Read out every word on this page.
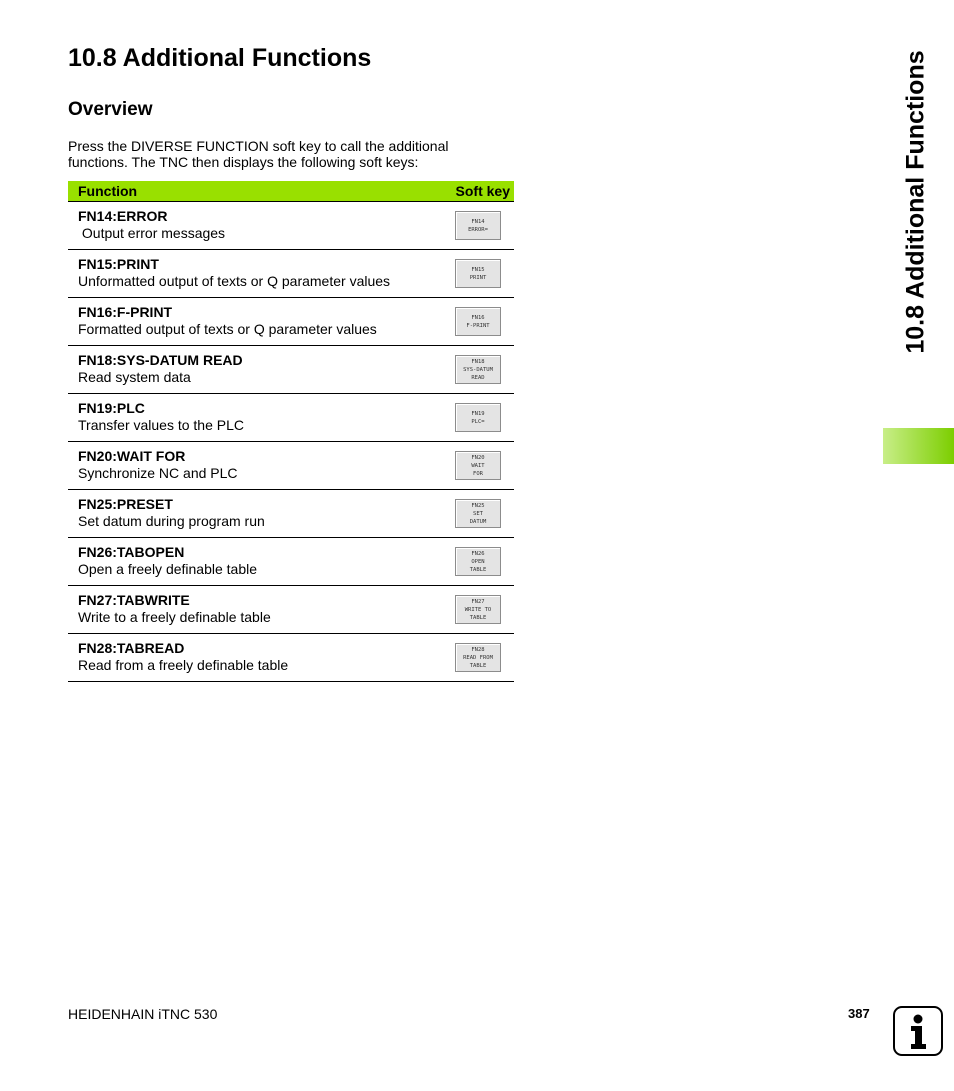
10.8 Additional Functions
Overview

Press the DIVERSE FUNCTION soft key to call the additional functions. The TNC then displays the following soft keys:

Function	Soft key
FN14:ERROR
Output error messages
FN14
ERROR=
FN15:PRINT
Unformatted output of texts or Q parameter values
FN15
PRINT
FN16:F-PRINT
Formatted output of texts or Q parameter values
FN16
F-PRINT
FN18:SYS-DATUM READ
Read system data
FN18
SYS-DATUM
READ
FN19:PLC
Transfer values to the PLC
FN19
PLC=
FN20:WAIT FOR
Synchronize NC and PLC
FN20
WAIT
FOR
FN25:PRESET
Set datum during program run
FN25
SET
DATUM
FN26:TABOPEN
Open a freely definable table
FN26
OPEN
TABLE
FN27:TABWRITE
Write to a freely definable table
FN27
WRITE TO
TABLE
FN28:TABREAD
Read from a freely definable table
FN28
READ FROM
TABLE
10.8 Additional Functions
HEIDENHAIN iTNC 530	387
